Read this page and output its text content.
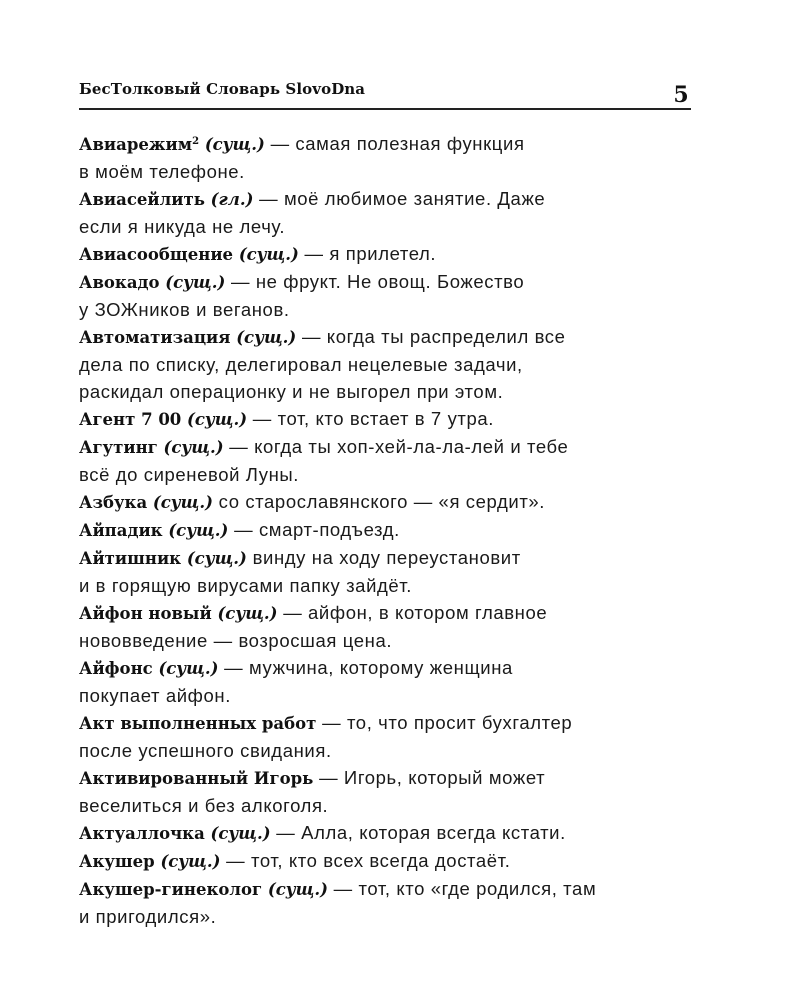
БесТолковый Словарь SlovoDna	5
Авиарежим$^2$ (сущ.) — самая полезная функция
в моём телефоне.
Авиасейлить (гл.) — моё любимое занятие. Даже
если я никуда не лечу.
Авиасообщение (сущ.) — я прилетел.
Авокадо (сущ.) — не фрукт. Не овощ. Божество
у ЗОЖников и веганов.
Автоматизация (сущ.) — когда ты распределил все
дела по списку, делегировал нецелевые задачи,
раскидал операционку и не выгорел при этом.
Агент 7 00 (сущ.) — тот, кто встает в 7 утра.
Агутинг (сущ.) — когда ты хоп-хей-ла-ла-лей и тебе
всё до сиреневой Луны.
Азбука (сущ.) со старославянского — «я сердит».
Айпадик (сущ.) — смарт-подъезд.
Айтишник (сущ.) винду на ходу переустановит
и в горящую вирусами папку зайдёт.
Айфон новый (сущ.) — айфон, в котором главное
нововведение — возросшая цена.
Айфонс (сущ.) — мужчина, которому женщина
покупает айфон.
Акт выполненных работ — то, что просит бухгалтер
после успешного свидания.
Активированный Игорь — Игорь, который может
веселиться и без алкоголя.
Актуаллочка (сущ.) — Алла, которая всегда кстати.
Акушер (сущ.) — тот, кто всех всегда достаёт.
Акушер-гинеколог (сущ.) — тот, кто «где родился, там
и пригодился».
